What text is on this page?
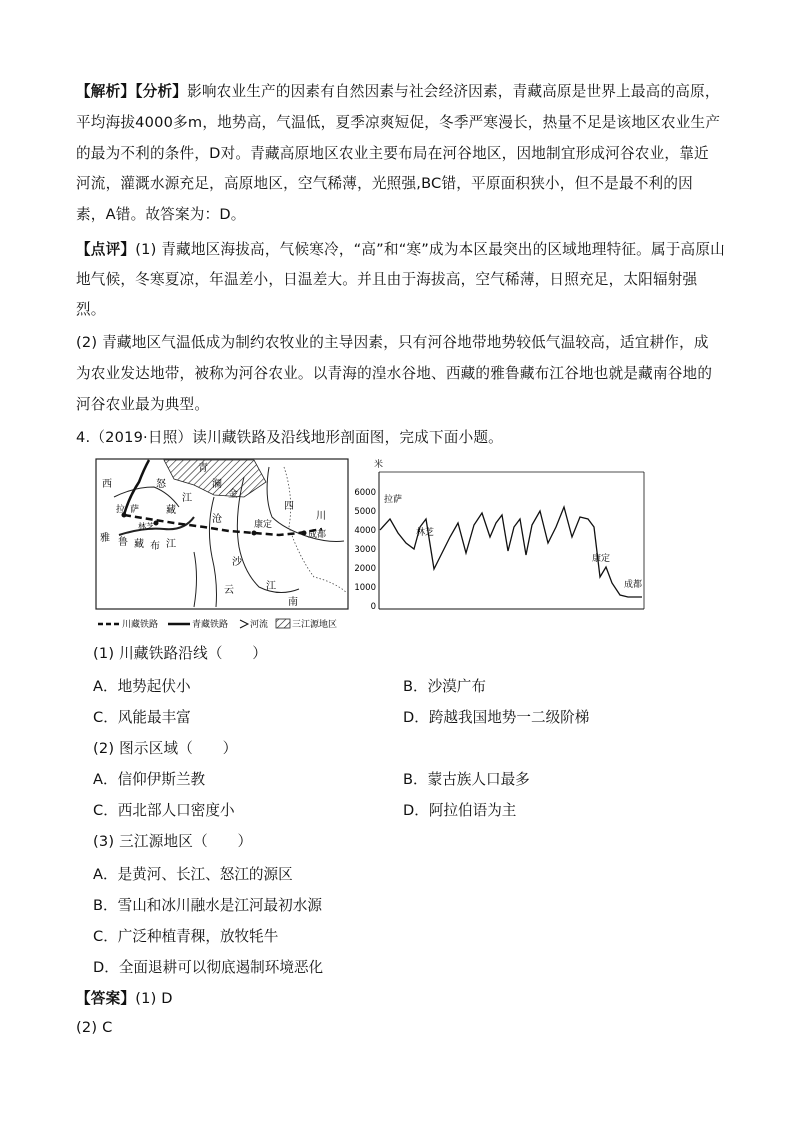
【解析】【分析】影响农业生产的因素有自然因素与社会经济因素，青藏高原是世界上最高的高原，
平均海拔4000多m，地势高，气温低，夏季凉爽短促，冬季严寒漫长，热量不足是该地区农业生产
的最为不利的条件，D对。青藏高原地区农业主要布局在河谷地区，因地制宜形成河谷农业，靠近
河流，灌溉水源充足，高原地区，空气稀薄，光照强,BC错，平原面积狭小，但不是最不利的因
素，A错。故答案为：D。
【点评】(1) 青藏地区海拔高，气候寒冷，“高”和“寒”成为本区最突出的区域地理特征。属于高原山
地气候，冬寒夏凉，年温差小，日温差大。并且由于海拔高，空气稀薄，日照充足，太阳辐射强
烈。
(2) 青藏地区气温低成为制约农牧业的主导因素，只有河谷地带地势较低气温较高，适宜耕作，成
为农业发达地带，被称为河谷农业。以青海的湟水谷地、西藏的雅鲁藏布江谷地也就是藏南谷地的
河谷农业最为典型。
4.（2019·日照）读川藏铁路及沿线地形剖面图，完成下面小题。
西	怒
青
江
澜
金
四
川
拉 萨	藏
林芝
雅 鲁 藏 布 江
沧	康定
成都
沙
云
南
江
川藏铁路	青藏铁路 河流	三江源地区
米
6000
5000
4000
3000
2000
1000
0
拉萨
林芝
康定
成都
(1) 川藏铁路沿线（　　）
A．地势起伏小	B．沙漠广布
C．风能最丰富	D．跨越我国地势一二级阶梯
(2) 图示区域（　　）
A．信仰伊斯兰教	B．蒙古族人口最多
C．西北部人口密度小	D．阿拉伯语为主
(3) 三江源地区（　　）
A．是黄河、长江、怒江的源区
B．雪山和冰川融水是江河最初水源
C．广泛种植青稞，放牧牦牛
D．全面退耕可以彻底遏制环境恶化
【答案】(1) D
(2) C
